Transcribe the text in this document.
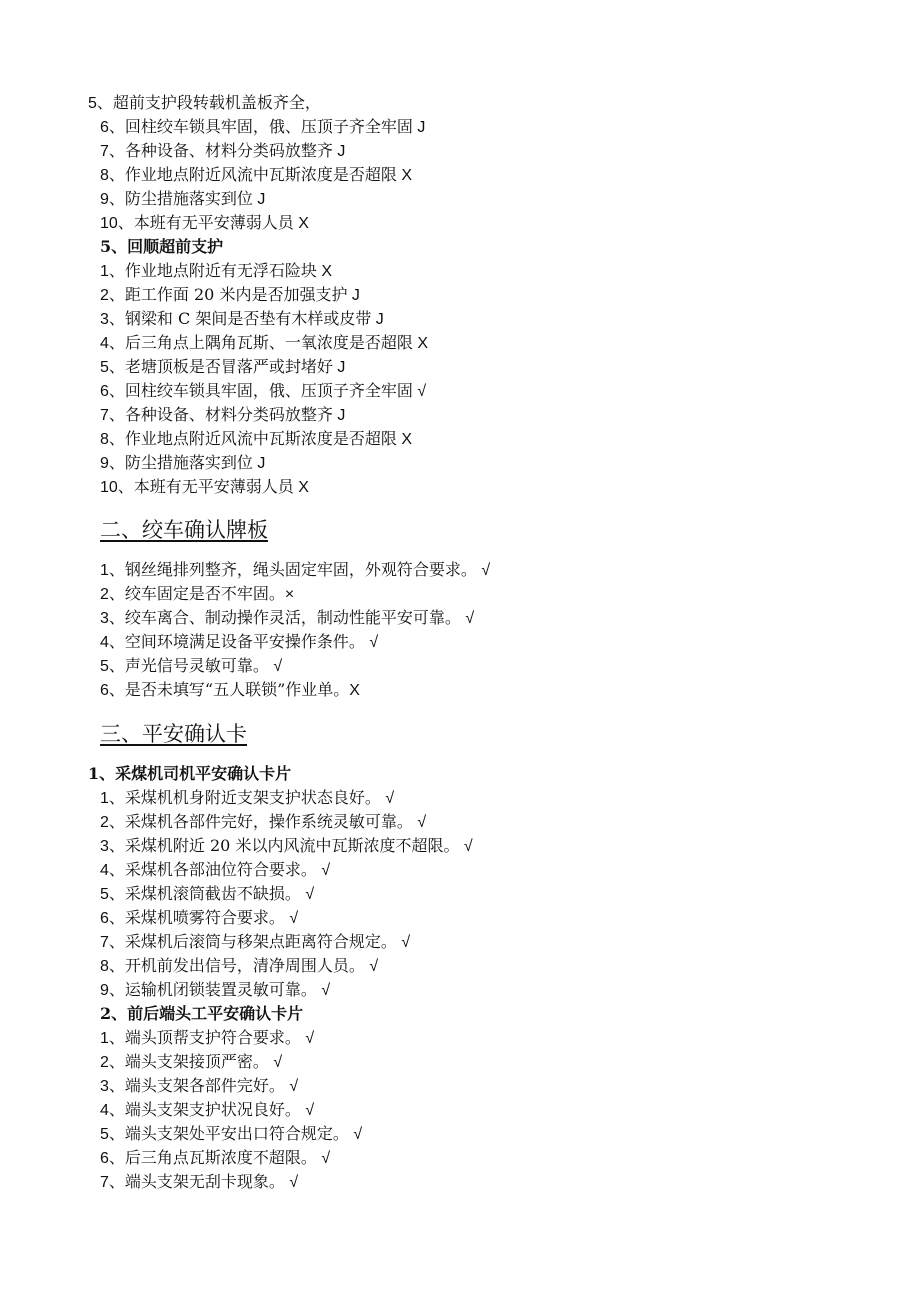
5、超前支护段转载机盖板齐全，
6、回柱绞车锁具牢固，俄、压顶子齐全牢固 J
7、各种设备、材料分类码放整齐 J
8、作业地点附近风流中瓦斯浓度是否超限 X
9、防尘措施落实到位 J
10、本班有无平安薄弱人员 X
5、回顺超前支护
1、作业地点附近有无浮石险块 X
2、距工作面 20 米内是否加强支护 J
3、钢梁和 C 架间是否垫有木样或皮带 J
4、后三角点上隅角瓦斯、一氧浓度是否超限 X
5、老塘顶板是否冒落严或封堵好 J
6、回柱绞车锁具牢固，俄、压顶子齐全牢固 √
7、各种设备、材料分类码放整齐 J
8、作业地点附近风流中瓦斯浓度是否超限 X
9、防尘措施落实到位 J
10、本班有无平安薄弱人员 X
二、绞车确认牌板
1、钢丝绳排列整齐，绳头固定牢固，外观符合要求。 √
2、绞车固定是否不牢固。×
3、绞车离合、制动操作灵活，制动性能平安可靠。 √
4、空间环境满足设备平安操作条件。 √
5、声光信号灵敏可靠。 √
6、是否未填写“五人联锁”作业单。X
三、平安确认卡
1、采煤机司机平安确认卡片
1、采煤机机身附近支架支护状态良好。 √
2、采煤机各部件完好，操作系统灵敏可靠。 √
3、采煤机附近 20 米以内风流中瓦斯浓度不超限。 √
4、采煤机各部油位符合要求。 √
5、采煤机滚筒截齿不缺损。 √
6、采煤机喷雾符合要求。 √
7、采煤机后滚筒与移架点距离符合规定。 √
8、开机前发出信号，清净周围人员。 √
9、运输机闭锁装置灵敏可靠。 √
2、前后端头工平安确认卡片
1、端头顶帮支护符合要求。 √
2、端头支架接顶严密。 √
3、端头支架各部件完好。 √
4、端头支架支护状况良好。 √
5、端头支架处平安出口符合规定。 √
6、后三角点瓦斯浓度不超限。 √
7、端头支架无刮卡现象。 √
